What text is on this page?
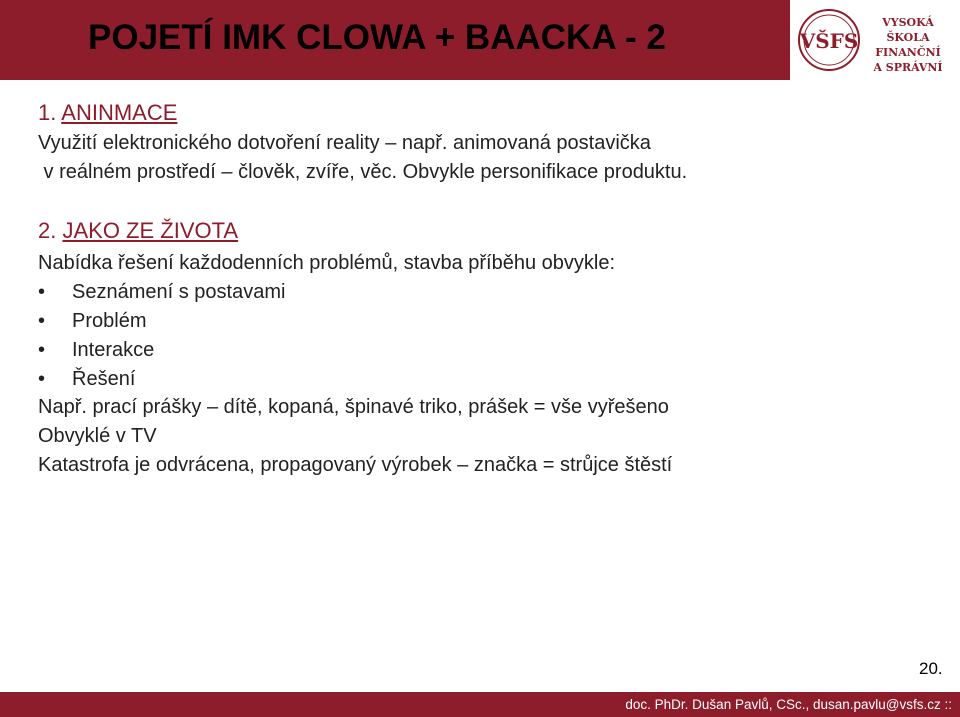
POJETÍ IMK CLOWA + BAACKA - 2	VŠFS
VYSOKÁ ŠKOLA
FINANČNÍ
A SPRÁVNÍ
1. ANINMACE
Využití elektronického dotvoření reality – např. animovaná postavička
v reálném prostředí – člověk, zvíře, věc. Obvykle personifikace produktu.
2. JAKO ZE ŽIVOTA
Nabídka řešení každodenních problémů, stavba příběhu obvykle:
• Seznámení s postavami
• Problém
• Interakce
• Řešení
Např. prací prášky – dítě, kopaná, špinavé triko, prášek = vše vyřešeno
Obvyklé v TV
Katastrofa je odvrácena, propagovaný výrobek – značka = strůjce štěstí
20.
doc. PhDr. Dušan Pavlů, CSc., dusan.pavlu@vsfs.cz ::
